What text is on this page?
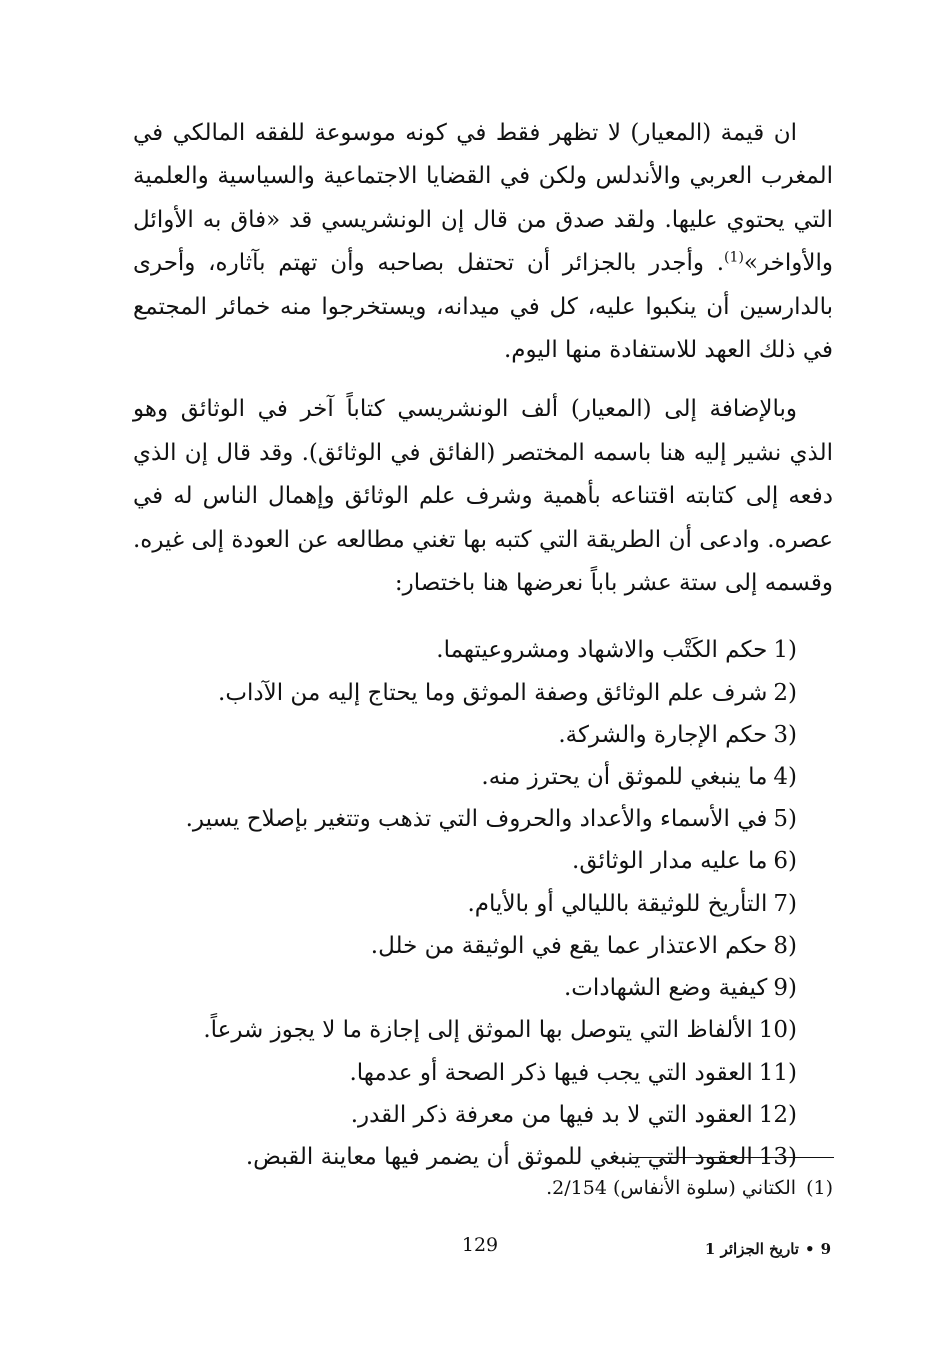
ان قيمة (المعيار) لا تظهر فقط في كونه موسوعة للفقه المالكي في المغرب العربي والأندلس ولكن في القضايا الاجتماعية والسياسية والعلمية التي يحتوي عليها. ولقد صدق من قال إن الونشريسي قد «فاق به الأوائل والأواخر»$^{(1)}$. وأجدر بالجزائر أن تحتفل بصاحبه وأن تهتم بآثاره، وأحرى بالدارسين أن ينكبوا عليه، كل في ميدانه، ويستخرجوا منه خمائر المجتمع في ذلك العهد للاستفادة منها اليوم.

وبالإضافة إلى (المعيار) ألف الونشريسي كتاباً آخر في الوثائق وهو الذي نشير إليه هنا باسمه المختصر (الفائق في الوثائق). وقد قال إن الذي دفعه إلى كتابته اقتناعه بأهمية وشرف علم الوثائق وإهمال الناس له في عصره. وادعى أن الطريقة التي كتبه بها تغني مطالعه عن العودة إلى غيره. وقسمه إلى ستة عشر باباً نعرضها هنا باختصار:

1)حكم الكَتْب والاشهاد ومشروعيتهما.
2)شرف علم الوثائق وصفة الموثق وما يحتاج إليه من الآداب.
3)حكم الإجارة والشركة.
4)ما ينبغي للموثق أن يحترز منه.
5)في الأسماء والأعداد والحروف التي تذهب وتتغير بإصلاح يسير.
6)ما عليه مدار الوثائق.
7)التأريخ للوثيقة بالليالي أو بالأيام.
8)حكم الاعتذار عما يقع في الوثيقة من خلل.
9)كيفية وضع الشهادات.
10)الألفاظ التي يتوصل بها الموثق إلى إجازة ما لا يجوز شرعاً.
11)العقود التي يجب فيها ذكر الصحة أو عدمها.
12)العقود التي لا بد فيها من معرفة ذكر القدر.
13)العقود التي ينبغي للموثق أن يضمر فيها معاينة القبض.
(1)الكتاني (سلوة الأنفاس) 2/154.
129	9•تاريخ الجزائر 1
